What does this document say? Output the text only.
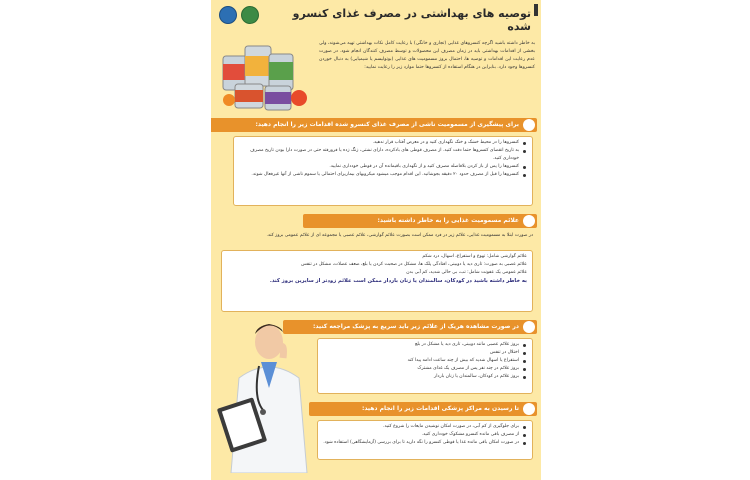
توصیه های بهداشتی در مصرف غذای کنسرو شده

به خاطر داشته باشید اگرچه کنسروهای غذایی (تجاری و خانگی) با رعایت کامل نکات بهداشتی تهیه می‌شوند، ولی بخشی از اقدامات بهداشتی باید در زمان مصرف این محصولات و توسط مصرف کنندگان انجام شود. در صورت عدم رعایت این اقدامات و توصیه ها، احتمال بروز مسمومیت های غذایی (بوتولیسم یا شیمیایی) به دنبال خوردن کنسروها وجود دارد. بنابراین در هنگام استفاده از کنسروها حتما موارد زیر را رعایت نمایید:

برای پیشگیری از مسمومیت ناشی از مصرف غذای کنسرو شده اقدامات زیر را انجام دهید:
کنسروها را در محیط خشک و خنک نگهداری کنید و در معرض آفتاب قرار ندهید.
به تاریخ انقضای کنسروها حتما دقت کنید. از مصرف قوطی های بادکرده، دارای نشتی، زنگ زده یا فرورفته حتی در صورت دارا بودن تاریخ مصرف خودداری کنید.
کنسروها را پس از باز کردن بلافاصله مصرف کنید و از نگهداری باقیمانده آن در قوطی خودداری نمایید.
کنسروها را قبل از مصرف حدود ۲۰ دقیقه بجوشانید. این اقدام موجب میشود میکروبهای بیماریزای احتمالی یا سموم ناشی از آنها غیرفعال شوند.
علائم مسمومیت غذایی را به خاطر داشته باشید:

در صورت ابتلا به مسمومیت غذایی، علائم زیر در فرد ممکن است بصورت علائم گوارشی، علائم عصبی یا مجموعه ای از علائم عمومی بروز کند.

علائم گوارشی شامل: تهوع و استفراغ، اسهال، درد شکم

علائم عصبی به صورت: تاری دید یا دوبینی، افتادگی پلک ها، مشکل در صحبت کردن یا بلع، ضعف عضلات، مشکل در تنفس

علائم عمومی یک عفونت شامل: تب، بی حالی شدید، کم آبی بدن

به خاطر داشته باشید در کودکان، سالمندان یا زنان باردار ممکن است علائم زودتر از سایرین بروز کند.

در صورت مشاهده هریک از علائم زیر باید سریع به پزشک مراجعه کنید:
بروز علائم عصبی مانند دوبینی، تاری دید یا مشکل در بلع
اختلال در تنفس
استفراغ یا اسهال شدید که بیش از چند ساعت ادامه پیدا کند
بروز علائم در چند نفر پس از مصرف یک غذای مشترک
بروز علائم در کودکان، سالمندان یا زنان باردار
تا رسیدن به مراکز پزشکی اقدامات زیر را انجام دهید:
برای جلوگیری از کم آبی، در صورت امکان نوشیدن مایعات را شروع کنید.
از مصرف باقی مانده کنسرو مشکوک خودداری کنید.
در صورت امکان باقی مانده غذا یا قوطی کنسرو را نگه دارید تا برای بررسی (آزمایشگاهی) استفاده شود.
